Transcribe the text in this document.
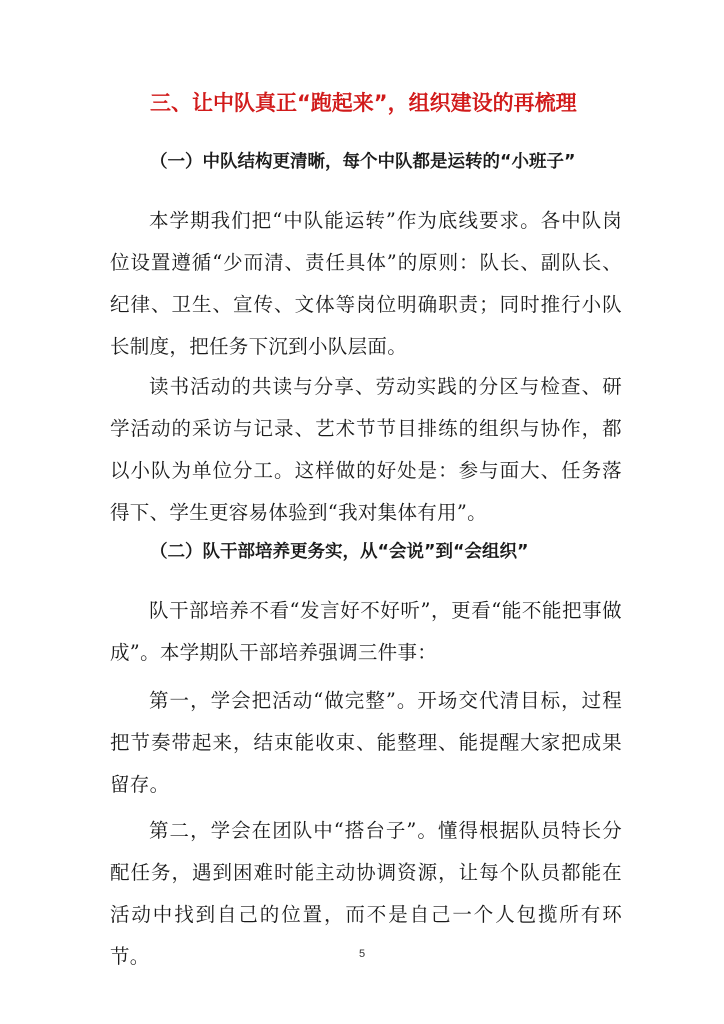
三、让中队真正“跑起来”，组织建设的再梳理
（一）中队结构更清晰，每个中队都是运转的“小班子”

本学期我们把“中队能运转”作为底线要求。各中队岗位设置遵循“少而清、责任具体”的原则：队长、副队长、纪律、卫生、宣传、文体等岗位明确职责；同时推行小队长制度，把任务下沉到小队层面。

读书活动的共读与分享、劳动实践的分区与检查、研学活动的采访与记录、艺术节节目排练的组织与协作，都以小队为单位分工。这样做的好处是：参与面大、任务落得下、学生更容易体验到“我对集体有用”。

（二）队干部培养更务实，从“会说”到“会组织”

队干部培养不看“发言好不好听”，更看“能不能把事做成”。本学期队干部培养强调三件事：

第一，学会把活动“做完整”。开场交代清目标，过程把节奏带起来，结束能收束、能整理、能提醒大家把成果留存。

第二，学会在团队中“搭台子”。懂得根据队员特长分配任务，遇到困难时能主动协调资源，让每个队员都能在活动中找到自己的位置，而不是自己一个人包揽所有环节。	5
